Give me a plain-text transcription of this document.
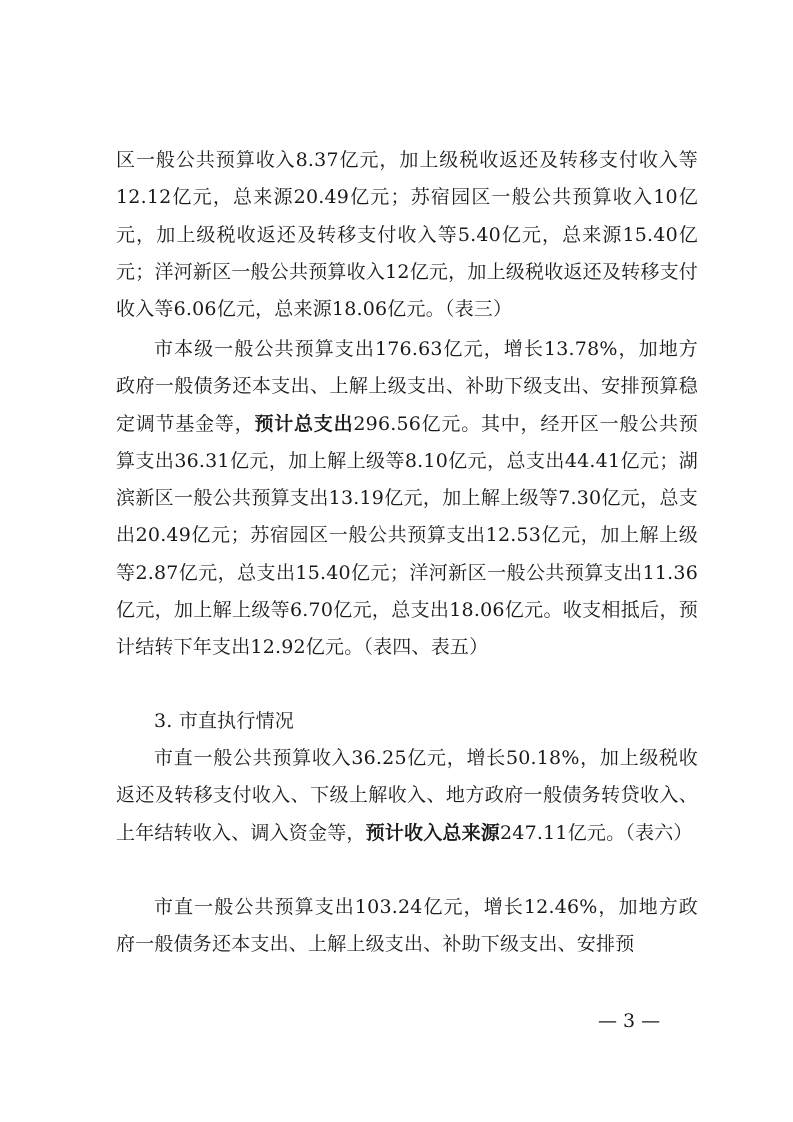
区一般公共预算收入8.37亿元，加上级税收返还及转移支付收入等12.12亿元，总来源20.49亿元；苏宿园区一般公共预算收入10亿元，加上级税收返还及转移支付收入等5.40亿元，总来源15.40亿元；洋河新区一般公共预算收入12亿元，加上级税收返还及转移支付收入等6.06亿元，总来源18.06亿元。（表三）

市本级一般公共预算支出176.63亿元，增长13.78%，加地方政府一般债务还本支出、上解上级支出、补助下级支出、安排预算稳定调节基金等，预计总支出296.56亿元。其中，经开区一般公共预算支出36.31亿元，加上解上级等8.10亿元，总支出44.41亿元；湖滨新区一般公共预算支出13.19亿元，加上解上级等7.30亿元，总支出20.49亿元；苏宿园区一般公共预算支出12.53亿元，加上解上级等2.87亿元，总支出15.40亿元；洋河新区一般公共预算支出11.36亿元，加上解上级等6.70亿元，总支出18.06亿元。收支相抵后，预计结转下年支出12.92亿元。（表四、表五）

3. 市直执行情况

市直一般公共预算收入36.25亿元，增长50.18%，加上级税收返还及转移支付收入、下级上解收入、地方政府一般债务转贷收入、上年结转收入、调入资金等，预计收入总来源247.11亿元。（表六）

市直一般公共预算支出103.24亿元，增长12.46%，加地方政府一般债务还本支出、上解上级支出、补助下级支出、安排预

— 3 —
